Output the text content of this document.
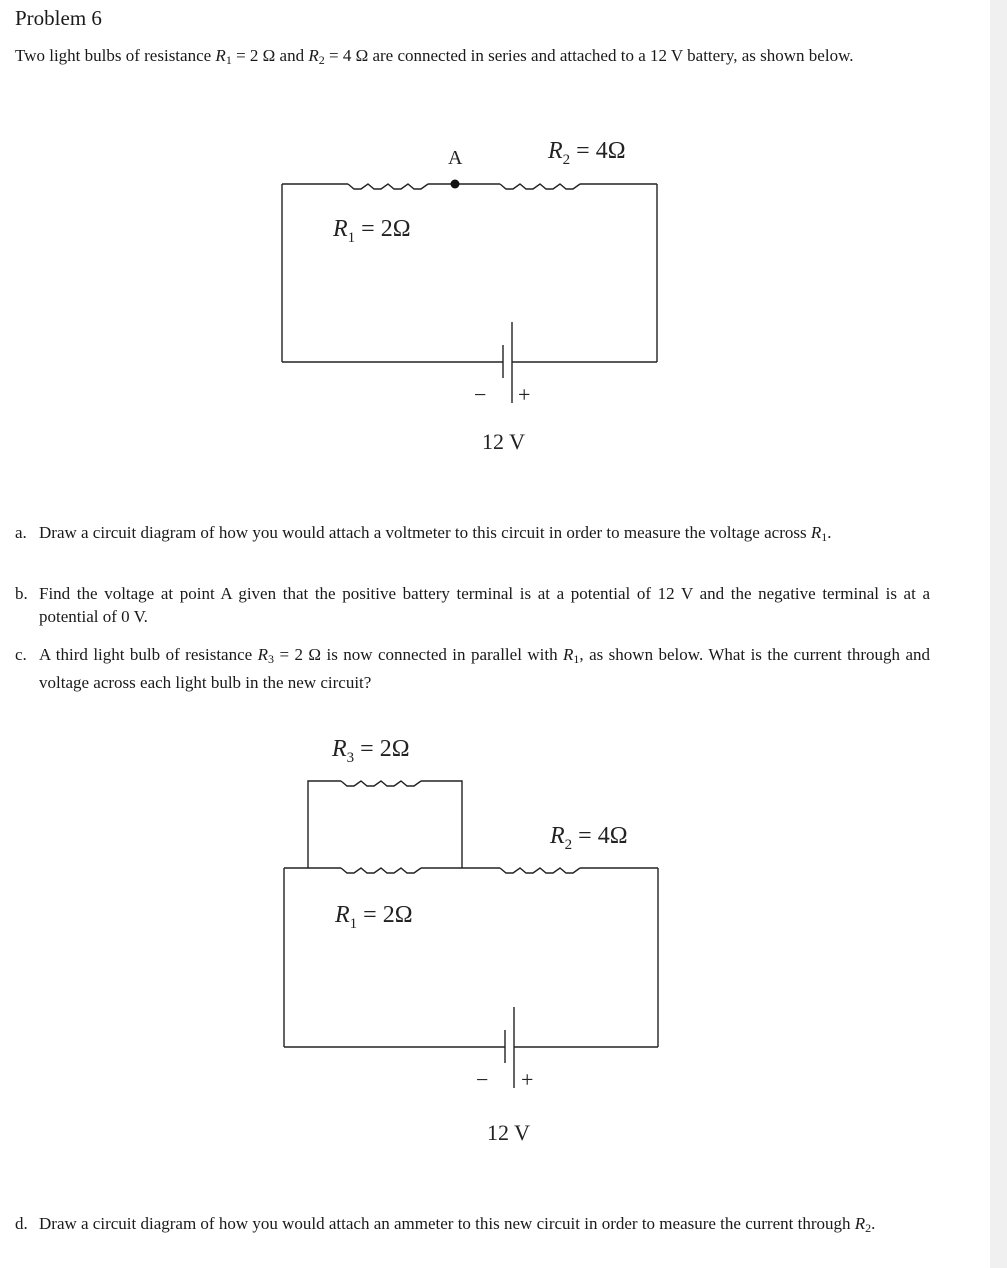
Problem 6

Two light bulbs of resistance $R_1 = 2$ Ω and $R_2 = 4$ Ω are connected in series and attached to a 12 V battery, as shown below.

A
$R_1 = 2\Omega$
$R_2 = 4\Omega$
− +
12 V
a. Draw a circuit diagram of how you would attach a voltmeter to this circuit in order to measure the voltage across $R_1$.
b. Find the voltage at point A given that the positive battery terminal is at a potential of 12 V and the negative terminal is at a potential of 0 V.
c. A third light bulb of resistance $R_3 = 2$ Ω is now connected in parallel with $R_1$, as shown below. What is the current through and voltage across each light bulb in the new circuit?
$R_3 = 2\Omega$
$R_1 = 2\Omega$
$R_2 = 4\Omega$
− +
12 V
d. Draw a circuit diagram of how you would attach an ammeter to this new circuit in order to measure the current through $R_2$.
